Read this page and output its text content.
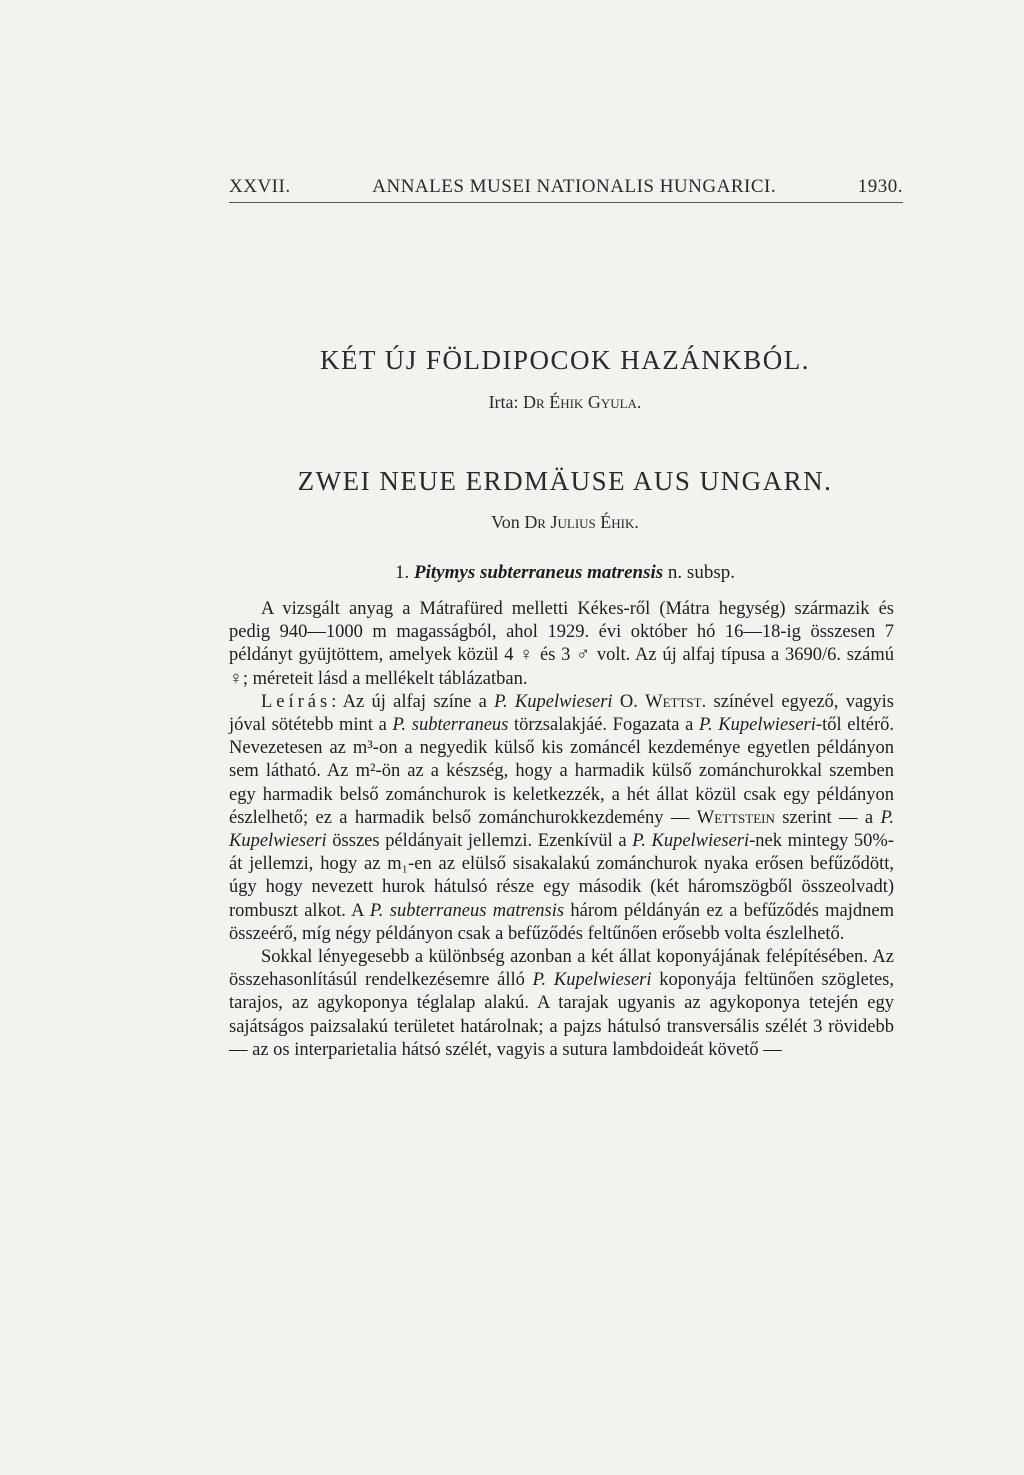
XXVII.	ANNALES MUSEI NATIONALIS HUNGARICI.	1930.
KÉT ÚJ FÖLDIPOCOK HAZÁNKBÓL.
Irta: Dr Éhik Gyula.
ZWEI NEUE ERDMÄUSE AUS UNGARN.
Von Dr Julius Éhik.
1. Pitymys subterraneus matrensis n. subsp.

A vizsgált anyag a Mátrafüred melletti Kékes-ről (Mátra hegység) származik és pedig 940—1000 m magasságból, ahol 1929. évi október hó 16—18-ig összesen 7 példányt gyüjtöttem, amelyek közül 4 ♀ és 3 ♂ volt. Az új alfaj típusa a 3690/6. számú ♀; méreteit lásd a mellékelt táblázatban.

Leírás: Az új alfaj színe a P. Kupelwieseri O. Wettst. színével egyező, vagyis jóval sötétebb mint a P. subterraneus törzsalakjáé. Fogazata a P. Kupelwieseri-től eltérő. Nevezetesen az m³-on a negyedik külső kis zománcél kezdeménye egyetlen példányon sem látható. Az m²-ön az a készség, hogy a harmadik külső zománchurokkal szemben egy harmadik belső zománchurok is keletkezzék, a hét állat közül csak egy példányon észlelhető; ez a harmadik belső zománchurokkezdemény — Wettstein szerint — a P. Kupelwieseri összes példányait jellemzi. Ezenkívül a P. Kupelwieseri-nek mintegy 50%-át jellemzi, hogy az m₁-en az elülső sisakalakú zománchurok nyaka erősen befűződött, úgy hogy nevezett hurok hátulsó része egy második (két háromszögből összeolvadt) rombuszt alkot. A P. subterraneus matrensis három példányán ez a befűződés majdnem összeérő, míg négy példányon csak a befűződés feltűnően erősebb volta észlelhető.

Sokkal lényegesebb a különbség azonban a két állat koponyájának felépítésében. Az összehasonlításúl rendelkezésemre álló P. Kupelwieseri koponyája feltünően szögletes, tarajos, az agykoponya téglalap alakú. A tarajak ugyanis az agykoponya tetején egy sajátságos paizsalakú területet határolnak; a pajzs hátulsó transversális szélét 3 rövidebb — az os interparietalia hátsó szélét, vagyis a sutura lambdoideát követő —
